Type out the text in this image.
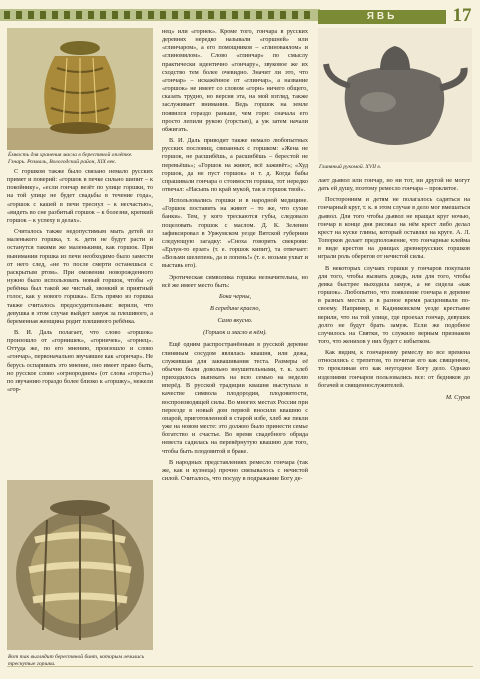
ЯВЬ	17
Ёмкость для хранения масла в берестяной оплётке. Гзнарь. Розмаль, Вологодский район, XIX век.
Глиняный рукомой. XVII в.
Вот так выглядит берестяной бинт, которым лечились треснутые горшки.

С горшком также было связано немало русских примет и поверий: «горшок в печке сильно шипит – к покойнику», «если гончар везёт по улице горшки, то на той улице не будет свадьбы в течение года», «горшок с кашей в печи треснул – к несчастью», «видеть во сне разбитый горшок – к болезни, крепкий горшок – к успеху в делах».

Считалось также недопустимым мыть детей из маленького горшка, т. к. дети не будут расти и останутся такими же маленькими, как горшок. При вынимании горшка из печи необходимо было замести от него след, «не то после смерти останешься с раскрытым ртом». При омовении новорожденного нужно было использовать новый горшок, чтобы «у ребёнка был такой же чистый, звонкий и приятный голос, как у нового горшка». Есть прямо из горшка также считалось предосудительным: верили, что девушка в этом случае выйдет замуж за плешивого, а беременная женщина родит плешивого ребёнка.

В. И. Даль полагает, что слово «горшок» произошло от «горнишек», «горничек», «горнец». Оттуда же, по его мнению, произошло и слово «гончар», первоначально звучавшее как «горнчар». Не берусь оспаривать это мнение, оно имеет право быть, но русское слово «огрнородием» (от слова «горсть») по звучанию гораздо более близко к «горшку», нежели «гор-

нец» или «горнек». Кроме того, гончара в русских деревнях нередко называли «горшней» или «глинчаром», а его помощников – «глиноваялом» и «глиномялом». Слово «глинчар» по смыслу практически идентично «гончару», звуковое же их сходство тем более очевидно. Значит ли это, что «гончар» – искажённое от «глинчар», а название «горшок» не имеет со словом «горн» ничего общего, сказать трудно, но версия эта, на мой взгляд, также заслуживает внимания. Ведь горшок на земле появился гораздо раньше, чем горн: сначала его просто лепили рукою (горстью), а уж затем начали обжигать.

В. И. Даль приводит также немало любопытных русских пословиц, связанных с горшком: «Жена не горшок, не расшибёшь, а расшибёшь – берестой не перевьёшь»; «Горшок на живот, всё заживёт»; «Худ горшок, да не пуст горшок» и т. д. Когда бабы спрашивали гончара о стоимости горшка, тот нередко отвечал: «Насыпь по край мукой, так и горшок твой».

Использовались горшки и в народной медицине. «Горшок поставить на живот – то же, что сухие банки». Тем, у кого трескаются губы, следовало поцеловать горшок с маслом. Д. К. Зеленин зафиксировал в Уржумском уезде Вятской губернии следующую загадку: «Сноха говорить свекрови: «Ерлун-то ерзат» (т. е. горшок кипит), та отвечает: «Возьми шелепень, да и лопень!» (т. е. возьми ухват и выставь его).

Эротическая символика горшка незначительна, но всё же имеет место быть:

Бока черны,
В середине красно,
Само вкусно.
(Горшок и масло в нём).

Ещё одним распространённым в русской деревне глиняным сосудом являлась квашня, или дежа, служившая для заквашивания теста. Размеры её обычно были довольно внушительными, т. к. хлеб приходилось выпекать на всю семью на неделю вперёд. В русской традиции квашня выступала в качестве символа плодородия, плодовитости, воспроизводящей силы. Во многих местах России при переезде в новый дом первой вносили квашню с опарой, приготовленной в старой избе, хлеб же пекли уже на новом месте: это должно было принести семье богатство и счастье. Во время свадебного обряда невеста садилась на перевёрнутую квашню для того, чтобы быть плодовитой в браке.

В народных представлениях ремесло гончара (так же, как и кузнеца) прочно связывалось с нечистой силой. Считалось, что посуду в подражание Богу де-

лает дьявол или гончар, но ни тот, ни другой не могут дать ей душу, поэтому ремесло гончара – проклятое.

Посторонним и детям не полагалось садиться на гончарный круг, т. к. в этом случае в дело мог вмешаться дьявол. Для того чтобы дьявол не вращал круг ночью, гончар в конце дня рисовал на нём крест либо делал крест на куске глины, который оставлял на круге. А. Л. Топорков делает предположение, что гончарные клейма в виде крестов на днищах древнерусских горшков играли роль оберегов от нечистой силы.

В некоторых случаях горшки у гончаров покупали для того, чтобы вызвать дождь, или для того, чтобы девка быстрее выходила замуж, а не сидела «как горшок». Любопытно, что появление гончара в деревне в разных местах и в разное время расценивали по-своему. Например, в Кадниковском уезде крестьяне верили, что на той улице, где проехал гончар, девушек долго не будут брать замуж. Если же подобное случилось на Святки, то служило верным признаком того, что женихов у них будет с избытком.

Как видим, к гончарному ремеслу во все времена относились с трепетом, то почитая его как священное, то проклиная его как неугодное Богу дело. Однако изделиями гончаров пользовались все: от бедняков до богачей и священнослужителей.

М. Суров
